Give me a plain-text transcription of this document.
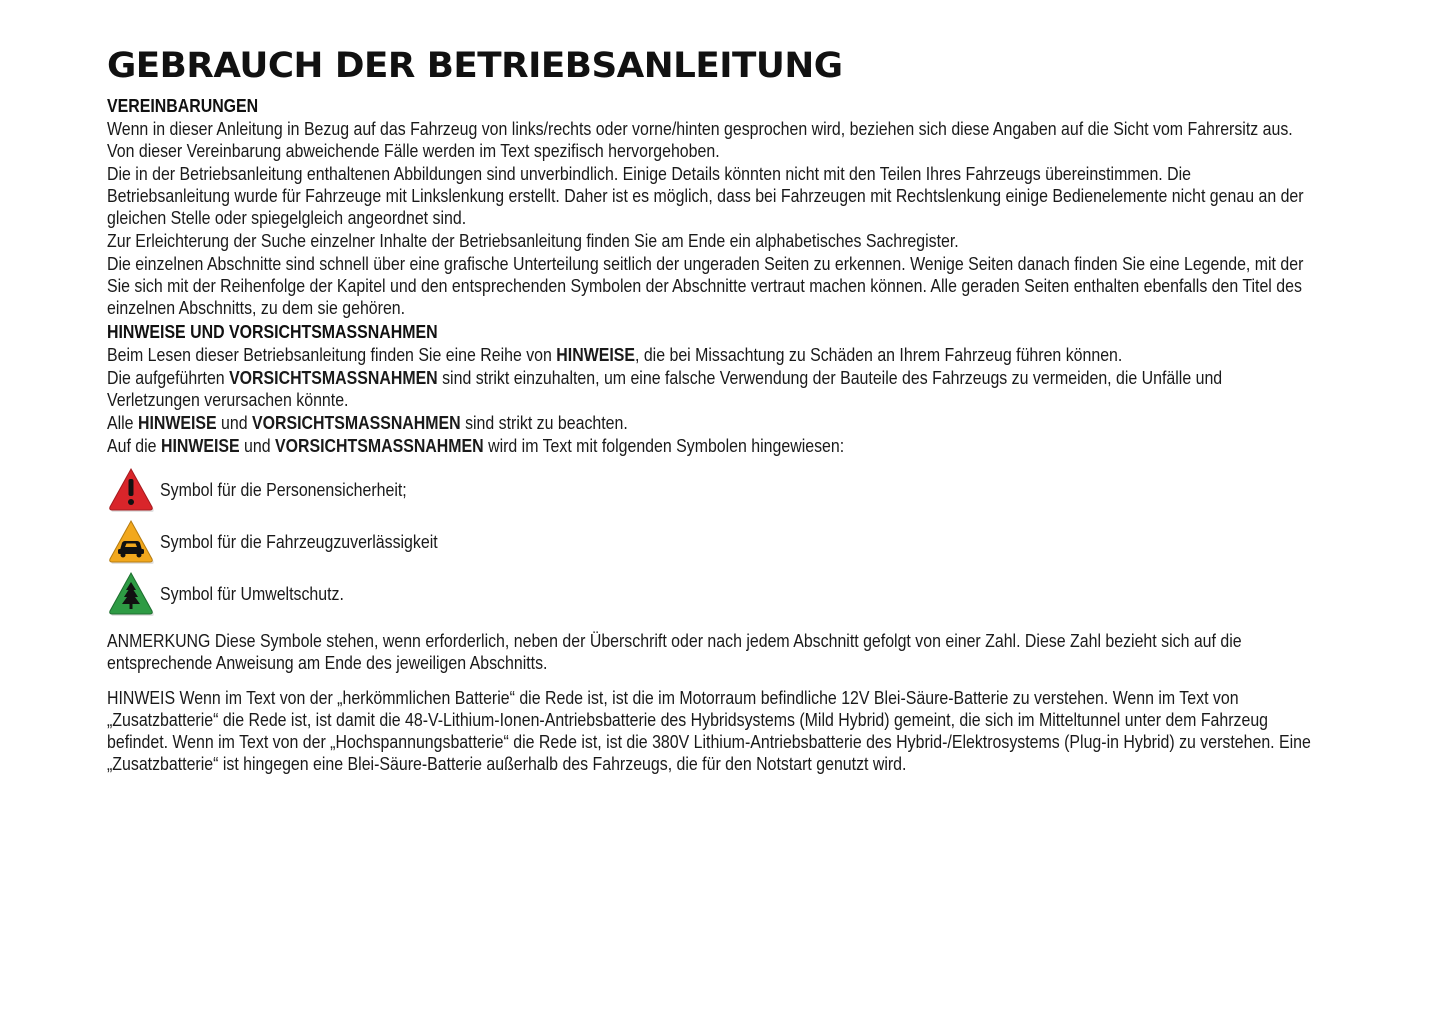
GEBRAUCH DER BETRIEBSANLEITUNG
VEREINBARUNGEN

Wenn in dieser Anleitung in Bezug auf das Fahrzeug von links/rechts oder vorne/hinten gesprochen wird, beziehen sich diese Angaben auf die Sicht vom Fahrersitz aus. Von dieser Vereinbarung abweichende Fälle werden im Text spezifisch hervorgehoben.

Die in der Betriebsanleitung enthaltenen Abbildungen sind unverbindlich. Einige Details könnten nicht mit den Teilen Ihres Fahrzeugs übereinstimmen. Die Betriebsanleitung wurde für Fahrzeuge mit Linkslenkung erstellt. Daher ist es möglich, dass bei Fahrzeugen mit Rechtslenkung einige Bedienelemente nicht genau an der gleichen Stelle oder spiegelgleich angeordnet sind.

Zur Erleichterung der Suche einzelner Inhalte der Betriebsanleitung finden Sie am Ende ein alphabetisches Sachregister.

Die einzelnen Abschnitte sind schnell über eine grafische Unterteilung seitlich der ungeraden Seiten zu erkennen. Wenige Seiten danach finden Sie eine Legende, mit der Sie sich mit der Reihenfolge der Kapitel und den entsprechenden Symbolen der Abschnitte vertraut machen können. Alle geraden Seiten enthalten ebenfalls den Titel des einzelnen Abschnitts, zu dem sie gehören.

HINWEISE UND VORSICHTSMASSNAHMEN

Beim Lesen dieser Betriebsanleitung finden Sie eine Reihe von HINWEISE, die bei Missachtung zu Schäden an Ihrem Fahrzeug führen können.

Die aufgeführten VORSICHTSMASSNAHMEN sind strikt einzuhalten, um eine falsche Verwendung der Bauteile des Fahrzeugs zu vermeiden, die Unfälle und Verletzungen verursachen könnte.

Alle HINWEISE und VORSICHTSMASSNAHMEN sind strikt zu beachten.

Auf die HINWEISE und VORSICHTSMASSNAHMEN wird im Text mit folgenden Symbolen hingewiesen:

Symbol für die Personensicherheit;
Symbol für die Fahrzeugzuverlässigkeit
Symbol für Umweltschutz.

ANMERKUNG Diese Symbole stehen, wenn erforderlich, neben der Überschrift oder nach jedem Abschnitt gefolgt von einer Zahl. Diese Zahl bezieht sich auf die entsprechende Anweisung am Ende des jeweiligen Abschnitts.

HINWEIS Wenn im Text von der „herkömmlichen Batterie“ die Rede ist, ist die im Motorraum befindliche 12V Blei-Säure-Batterie zu verstehen. Wenn im Text von „Zusatzbatterie“ die Rede ist, ist damit die 48-V-Lithium-Ionen-Antriebsbatterie des Hybridsystems (Mild Hybrid) gemeint, die sich im Mitteltunnel unter dem Fahrzeug befindet. Wenn im Text von der „Hochspannungsbatterie“ die Rede ist, ist die 380V Lithium-Antriebsbatterie des Hybrid-/Elektrosystems (Plug-in Hybrid) zu verstehen. Eine „Zusatzbatterie“ ist hingegen eine Blei-Säure-Batterie außerhalb des Fahrzeugs, die für den Notstart genutzt wird.
